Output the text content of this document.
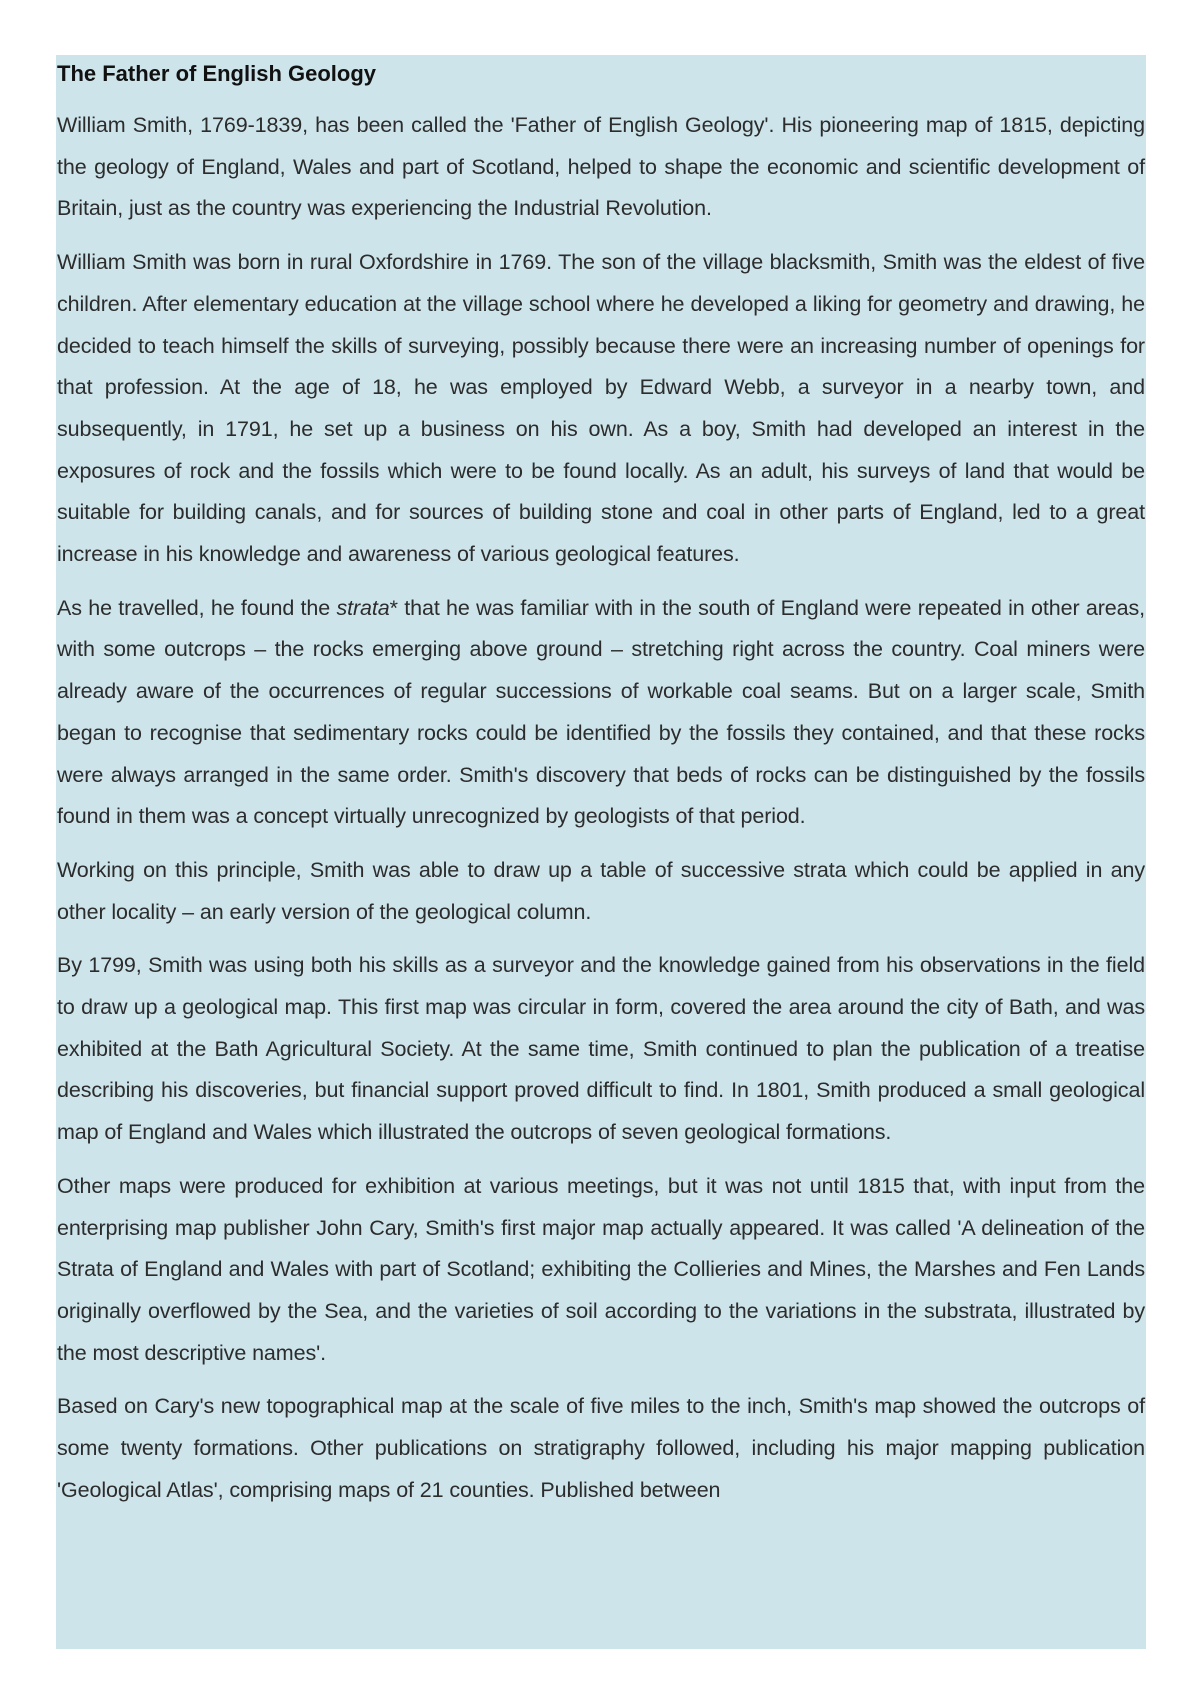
The Father of English Geology

William Smith, 1769-1839, has been called the 'Father of English Geology'. His pioneering map of 1815, depicting the geology of England, Wales and part of Scotland, helped to shape the economic and scientific development of Britain, just as the country was experiencing the Industrial Revolution.

William Smith was born in rural Oxfordshire in 1769. The son of the village blacksmith, Smith was the eldest of five children. After elementary education at the village school where he developed a liking for geometry and drawing, he decided to teach himself the skills of surveying, possibly because there were an increasing number of openings for that profession. At the age of 18, he was employed by Edward Webb, a surveyor in a nearby town, and subsequently, in 1791, he set up a business on his own. As a boy, Smith had developed an interest in the exposures of rock and the fossils which were to be found locally. As an adult, his surveys of land that would be suitable for building canals, and for sources of building stone and coal in other parts of England, led to a great increase in his knowledge and awareness of various geological features.

As he travelled, he found the strata* that he was familiar with in the south of England were repeated in other areas, with some outcrops – the rocks emerging above ground – stretching right across the country. Coal miners were already aware of the occurrences of regular successions of workable coal seams. But on a larger scale, Smith began to recognise that sedimentary rocks could be identified by the fossils they contained, and that these rocks were always arranged in the same order. Smith's discovery that beds of rocks can be distinguished by the fossils found in them was a concept virtually unrecognized by geologists of that period.

Working on this principle, Smith was able to draw up a table of successive strata which could be applied in any other locality – an early version of the geological column.

By 1799, Smith was using both his skills as a surveyor and the knowledge gained from his observations in the field to draw up a geological map. This first map was circular in form, covered the area around the city of Bath, and was exhibited at the Bath Agricultural Society. At the same time, Smith continued to plan the publication of a treatise describing his discoveries, but financial support proved difficult to find. In 1801, Smith produced a small geological map of England and Wales which illustrated the outcrops of seven geological formations.

Other maps were produced for exhibition at various meetings, but it was not until 1815 that, with input from the enterprising map publisher John Cary, Smith's first major map actually appeared. It was called 'A delineation of the Strata of England and Wales with part of Scotland; exhibiting the Collieries and Mines, the Marshes and Fen Lands originally overflowed by the Sea, and the varieties of soil according to the variations in the substrata, illustrated by the most descriptive names'.

Based on Cary's new topographical map at the scale of five miles to the inch, Smith's map showed the outcrops of some twenty formations. Other publications on stratigraphy followed, including his major mapping publication 'Geological Atlas', comprising maps of 21 counties. Published between
